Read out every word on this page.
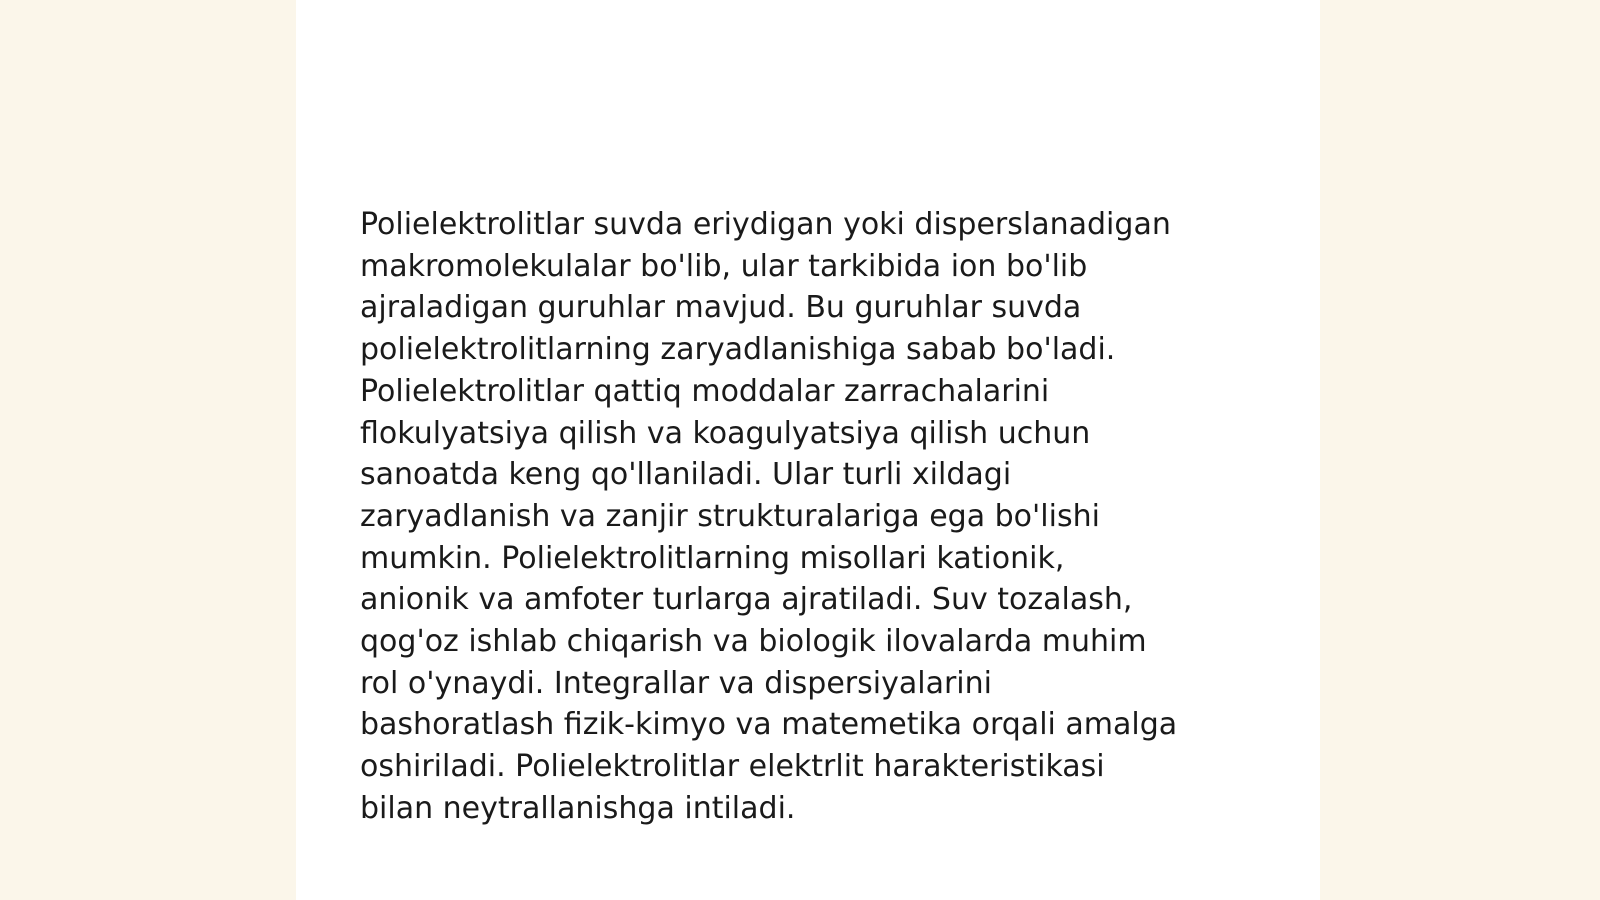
Polielektrolitlar suvda eriydigan yoki disperslanadigan
makromolekulalar bo'lib, ular tarkibida ion bo'lib
ajraladigan guruhlar mavjud. Bu guruhlar suvda
polielektrolitlarning zaryadlanishiga sabab bo'ladi.
Polielektrolitlar qattiq moddalar zarrachalarini
flokulyatsiya qilish va koagulyatsiya qilish uchun
sanoatda keng qo'llaniladi. Ular turli xildagi
zaryadlanish va zanjir strukturalariga ega bo'lishi
mumkin. Polielektrolitlarning misollari kationik,
anionik va amfoter turlarga ajratiladi. Suv tozalash,
qog'oz ishlab chiqarish va biologik ilovalarda muhim
rol o'ynaydi. Integrallar va dispersiyalarini
bashoratlash fizik-kimyo va matemetika orqali amalga
oshiriladi. Polielektrolitlar elektrlit harakteristikasi
bilan neytrallanishga intiladi.
